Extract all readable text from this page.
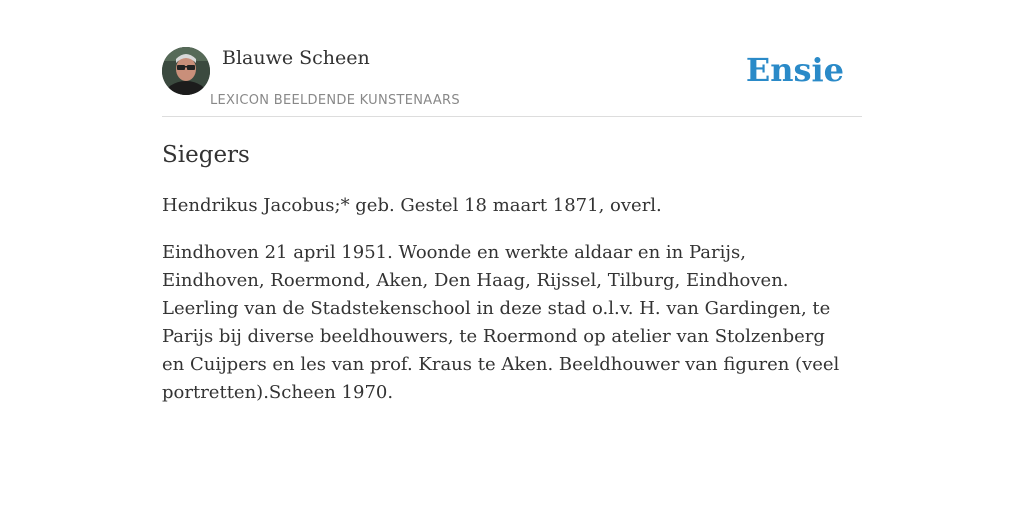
Blauwe Scheen
LEXICON BEELDENDE KUNSTENAARS
Ensie
Siegers

Hendrikus Jacobus;* geb. Gestel 18 maart 1871, overl.

Eindhoven 21 april 1951. Woonde en werkte aldaar en in Parijs, Eindhoven, Roermond, Aken, Den Haag, Rijssel, Tilburg, Eindhoven. Leerling van de Stadstekenschool in deze stad o.l.v. H. van Gardingen, te Parijs bij diverse beeldhouwers, te Roermond op atelier van Stolzenberg en Cuijpers en les van prof. Kraus te Aken. Beeldhouwer van figuren (veel portretten).Scheen 1970.
